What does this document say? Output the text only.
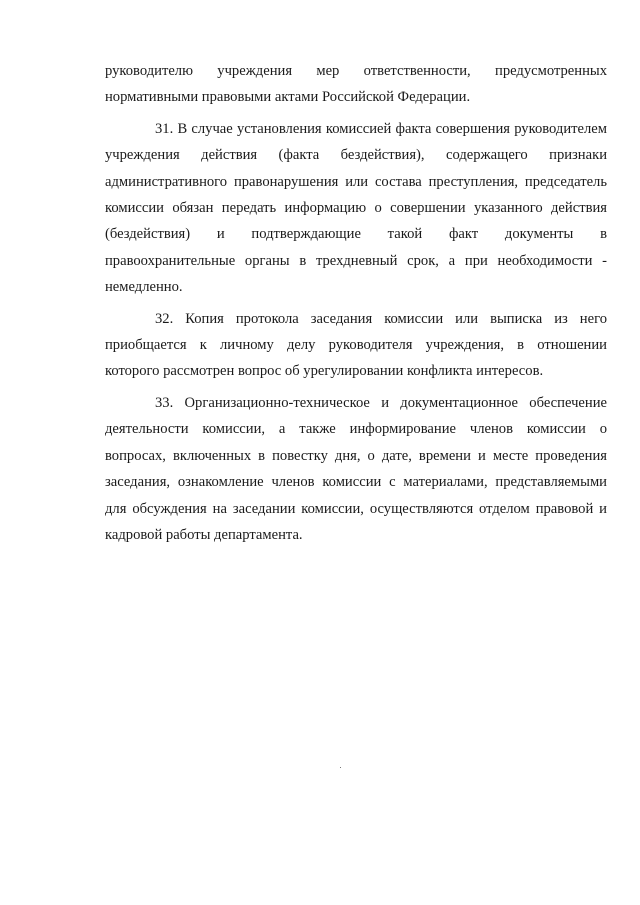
руководителю учреждения мер ответственности, предусмотренных
нормативными правовыми актами Российской Федерации.

31. В случае установления комиссией факта совершения руководителем
учреждения действия (факта бездействия), содержащего признаки
административного правонарушения или состава преступления, председатель
комиссии обязан передать информацию о совершении указанного действия
(бездействия) и подтверждающие такой факт документы в
правоохранительные органы в трехдневный срок, а при необходимости -
немедленно.

32. Копия протокола заседания комиссии или выписка из него
приобщается к личному делу руководителя учреждения, в отношении
которого рассмотрен вопрос об урегулировании конфликта интересов.

33. Организационно-техническое и документационное обеспечение
деятельности комиссии, а также информирование членов комиссии о
вопросах, включенных в повестку дня, о дате, времени и месте проведения
заседания, ознакомление членов комиссии с материалами, представляемыми
для обсуждения на заседании комиссии, осуществляются отделом правовой и
кадровой работы департамента.
